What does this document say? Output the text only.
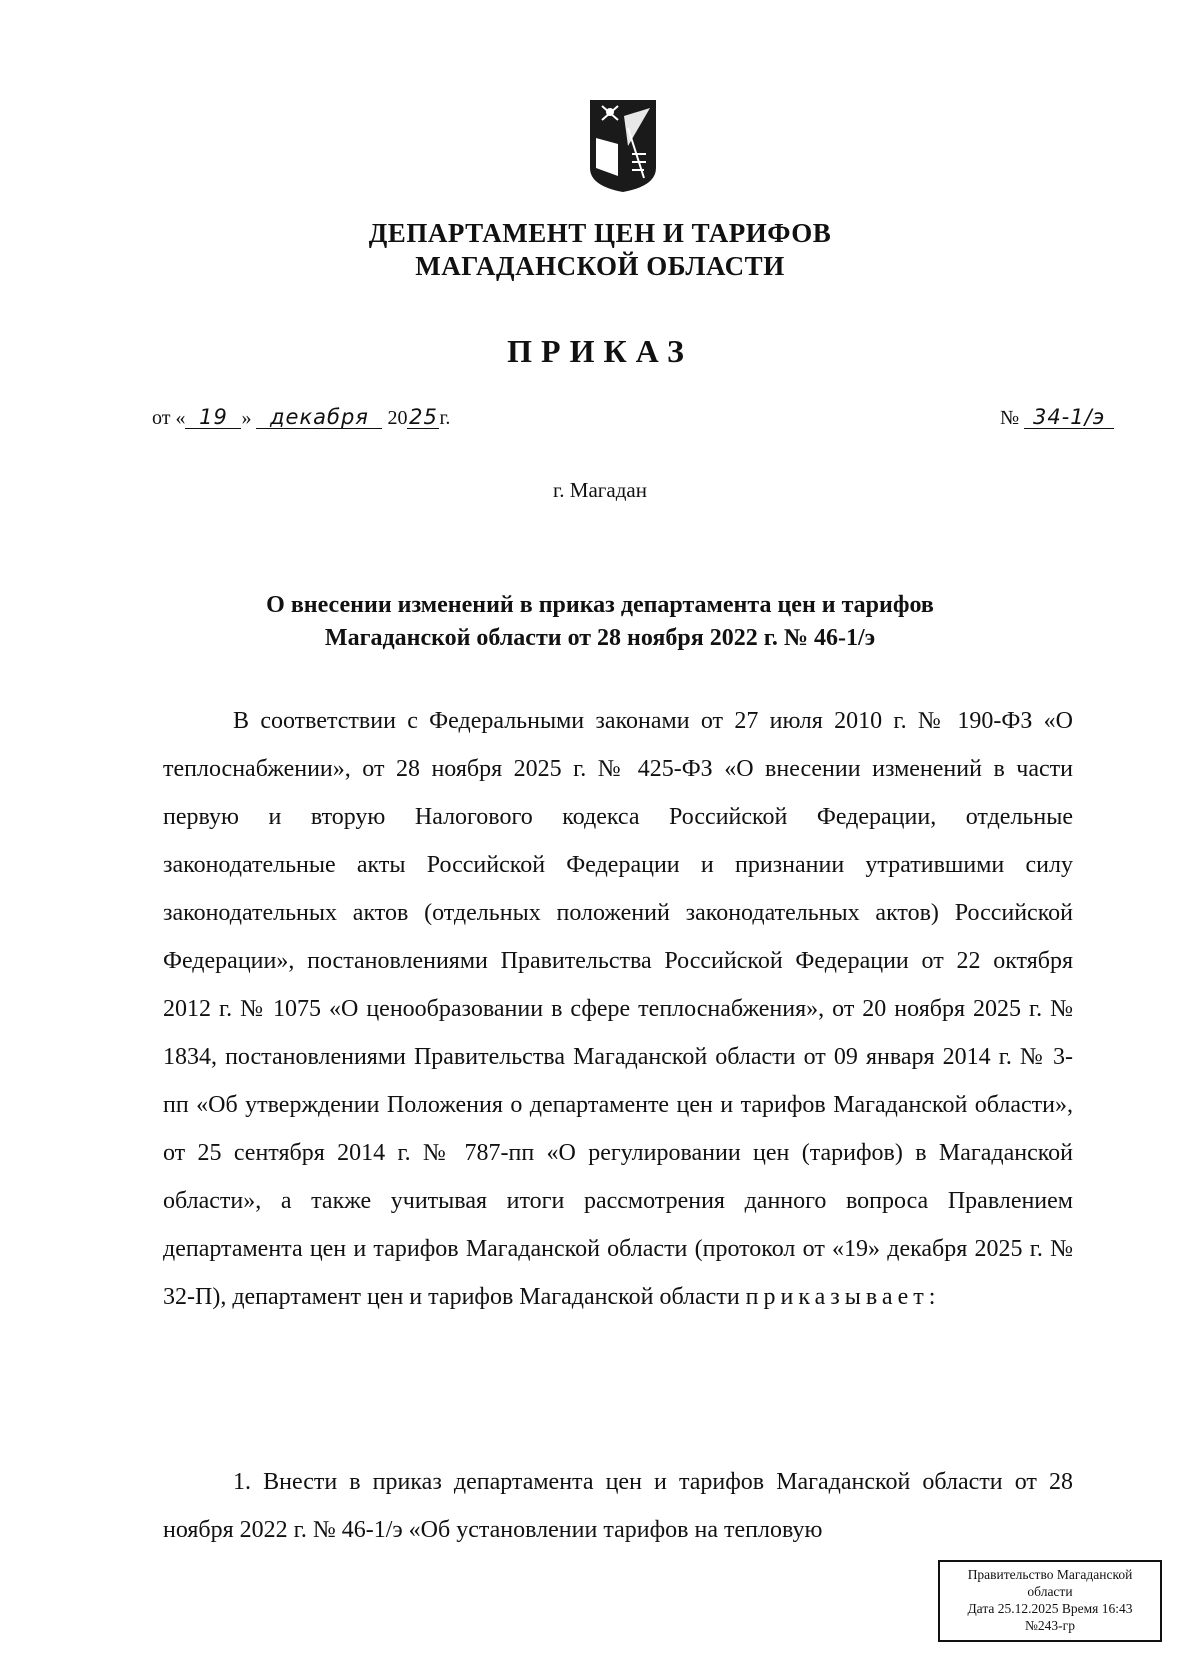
ДЕПАРТАМЕНТ ЦЕН И ТАРИФОВ
МАГАДАНСКОЙ ОБЛАСТИ
ПРИКАЗ
от « 19 » декабря 2025г.	№ 34-1/э
г. Магадан
О внесении изменений в приказ департамента цен и тарифов
Магаданской области от 28 ноября 2022 г. № 46-1/э
В соответствии с Федеральными законами от 27 июля 2010 г. № 190-ФЗ «О теплоснабжении», от 28 ноября 2025 г. № 425-ФЗ «О внесении изменений в части первую и вторую Налогового кодекса Российской Федерации, отдельные законодательные акты Российской Федерации и признании утратившими силу законодательных актов (отдельных положений законодательных актов) Российской Федерации», постановлениями Правительства Российской Федерации от 22 октября 2012 г. № 1075 «О ценообразовании в сфере теплоснабжения», от 20 ноября 2025 г. № 1834, постановлениями Правительства Магаданской области от 09 января 2014 г. № 3-пп «Об утверждении Положения о департаменте цен и тарифов Магаданской области», от 25 сентября 2014 г. № 787-пп «О регулировании цен (тарифов) в Магаданской области», а также учитывая итоги рассмотрения данного вопроса Правлением департамента цен и тарифов Магаданской области (протокол от «19» декабря 2025 г. № 32-П), департамент цен и тарифов Магаданской области приказывает:
1. Внести в приказ департамента цен и тарифов Магаданской области от 28 ноября 2022 г. № 46-1/э «Об установлении тарифов на тепловую
Правительство Магаданской
области
Дата 25.12.2025 Время 16:43
№243-гр
